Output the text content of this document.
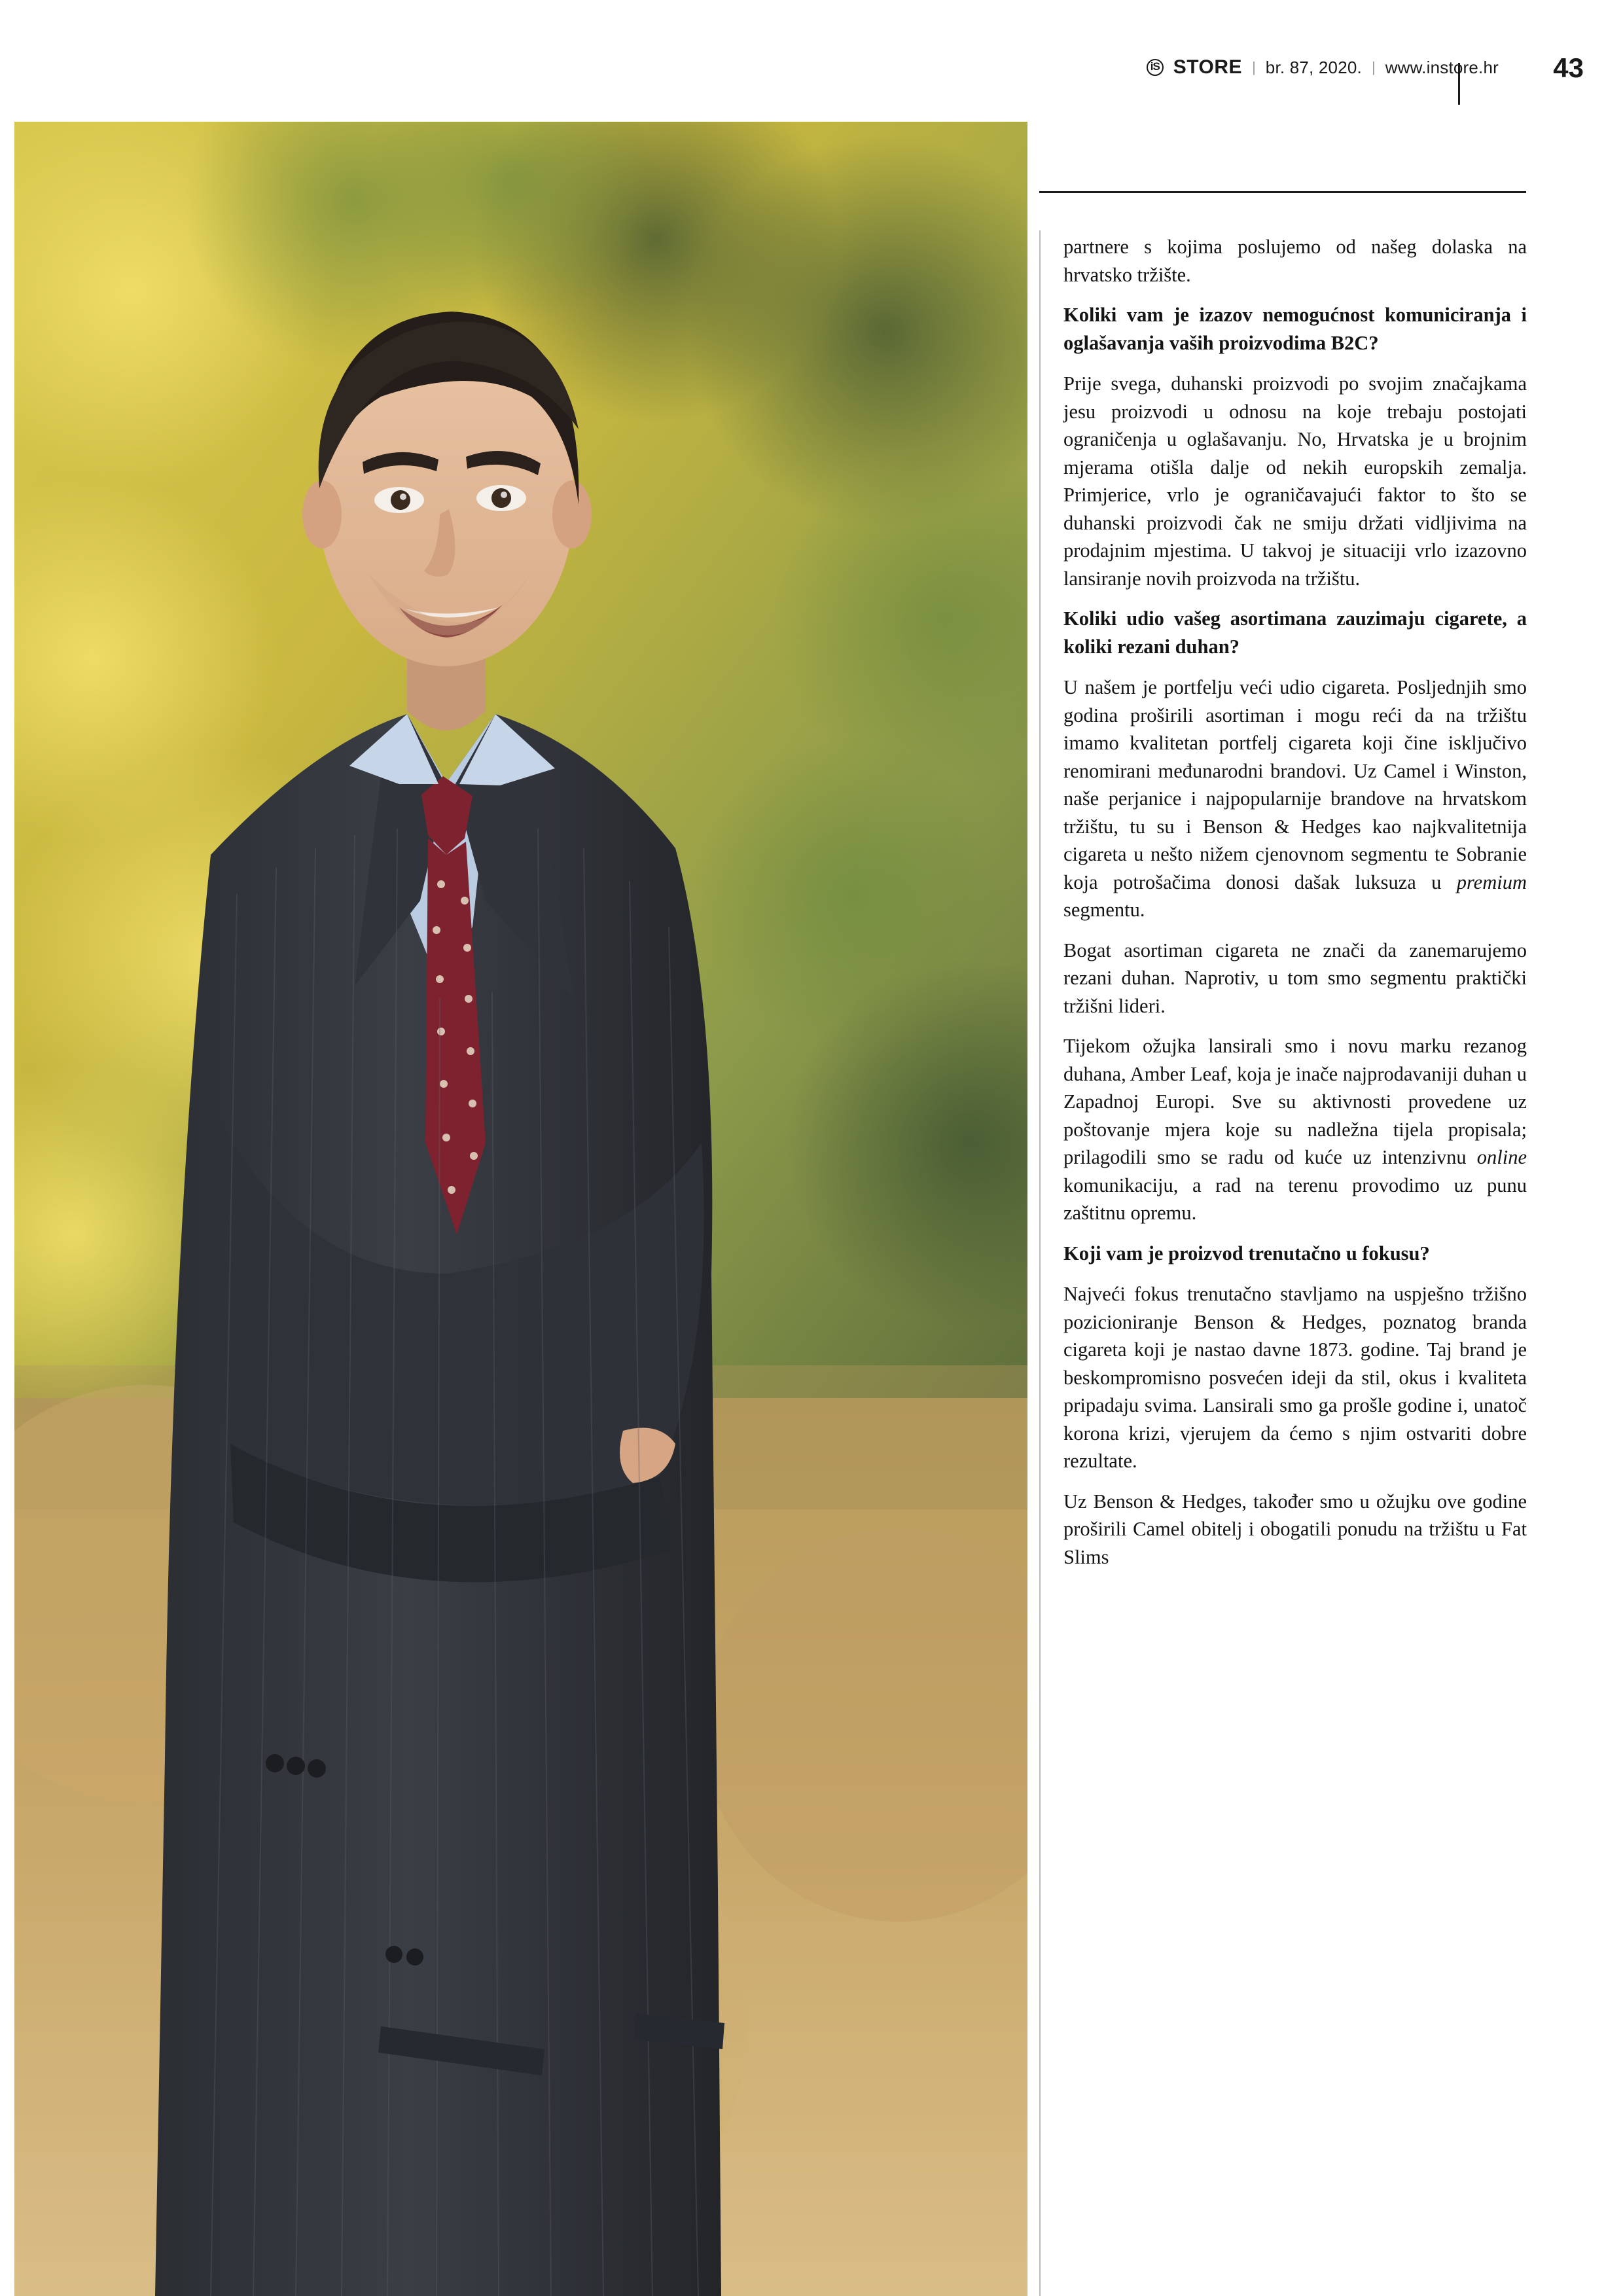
iS STORE | br. 87, 2020. | www.instore.hr 43

partnere s kojima poslujemo od našeg dolaska na hrvatsko tržište.

Koliki vam je izazov nemogućnost komuniciranja i oglašavanja vaših proizvodima B2C?

Prije svega, duhanski proizvodi po svojim značajkama jesu proizvodi u odnosu na koje trebaju postojati ograničenja u oglašavanju. No, Hrvatska je u brojnim mjerama otišla dalje od nekih europskih zemalja. Primjerice, vrlo je ograničavajući faktor to što se duhanski proizvodi čak ne smiju držati vidljivima na prodajnim mjestima. U takvoj je situaciji vrlo izazovno lansiranje novih proizvoda na tržištu.

Koliki udio vašeg asortimana zauzimaju cigarete, a koliki rezani duhan?

U našem je portfelju veći udio cigareta. Posljednjih smo godina proširili asortiman i mogu reći da na tržištu imamo kvalitetan portfelj cigareta koji čine isključivo renomirani međunarodni brandovi. Uz Camel i Winston, naše perjanice i najpopularnije brandove na hrvatskom tržištu, tu su i Benson & Hedges kao najkvalitetnija cigareta u nešto nižem cjenovnom segmentu te Sobranie koja potrošačima donosi dašak luksuza u premium segmentu.

Bogat asortiman cigareta ne znači da zanemarujemo rezani duhan. Naprotiv, u tom smo segmentu praktički tržišni lideri.

Tijekom ožujka lansirali smo i novu marku rezanog duhana, Amber Leaf, koja je inače najprodavaniji duhan u Zapadnoj Europi. Sve su aktivnosti provedene uz poštovanje mjera koje su nadležna tijela propisala; prilagodili smo se radu od kuće uz intenzivnu online komunikaciju, a rad na terenu provodimo uz punu zaštitnu opremu.

Koji vam je proizvod trenutačno u fokusu?

Najveći fokus trenutačno stavljamo na uspješno tržišno pozicioniranje Benson & Hedges, poznatog branda cigareta koji je nastao davne 1873. godine. Taj brand je beskompromisno posvećen ideji da stil, okus i kvaliteta pripadaju svima. Lansirali smo ga prošle godine i, unatoč korona krizi, vjerujem da ćemo s njim ostvariti dobre rezultate.

Uz Benson & Hedges, također smo u ožujku ove godine proširili Camel obitelj i obogatili ponudu na tržištu u Fat Slims
